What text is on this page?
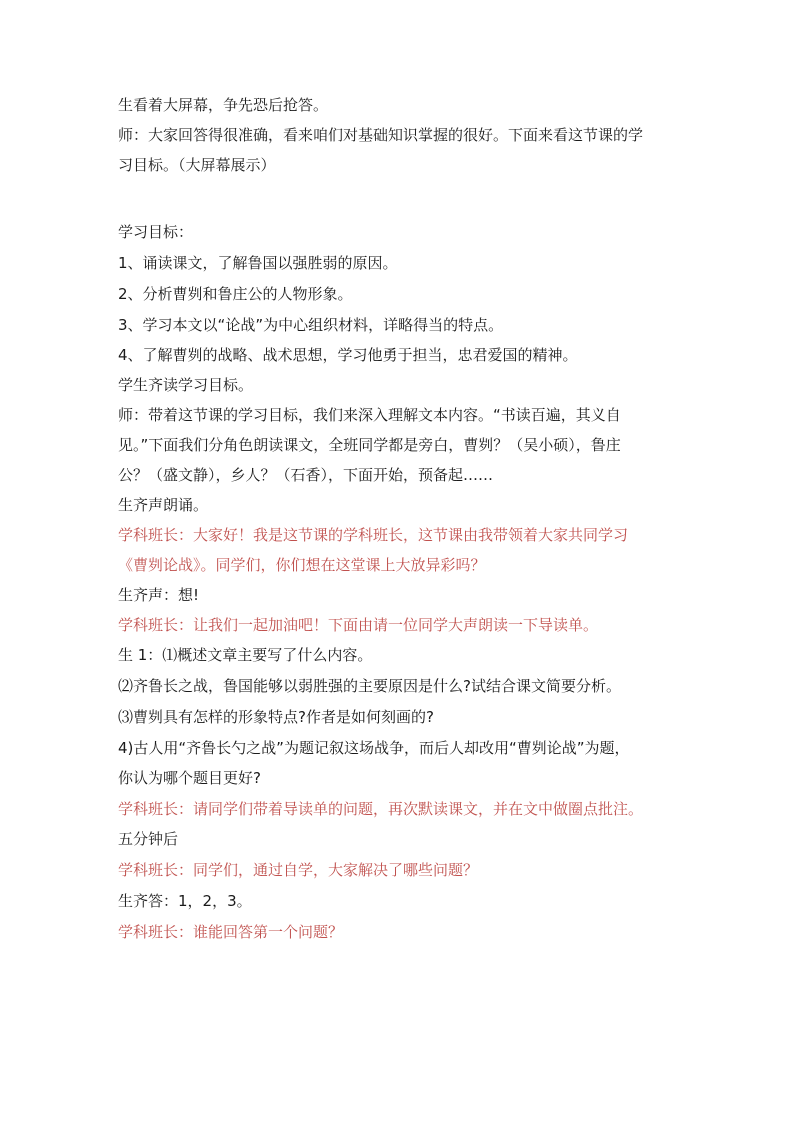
生看着大屏幕，争先恐后抢答。

师：大家回答得很准确，看来咱们对基础知识掌握的很好。下面来看这节课的学

习目标。（大屏幕展示）

学习目标：

1、诵读课文，了解鲁国以强胜弱的原因。

2、分析曹刿和鲁庄公的人物形象。

3、学习本文以“论战”为中心组织材料，详略得当的特点。

4、了解曹刿的战略、战术思想，学习他勇于担当，忠君爱国的精神。

学生齐读学习目标。

师：带着这节课的学习目标，我们来深入理解文本内容。“书读百遍，其义自

见。”下面我们分角色朗读课文，全班同学都是旁白，曹刿？（吴小硕），鲁庄

公？（盛文静），乡人？（石香），下面开始，预备起……

生齐声朗诵。

学科班长：大家好！我是这节课的学科班长，这节课由我带领着大家共同学习

《曹刿论战》。同学们，你们想在这堂课上大放异彩吗？

生齐声：想!

学科班长：让我们一起加油吧！下面由请一位同学大声朗读一下导读单。

生 1：⑴概述文章主要写了什么内容。

⑵齐鲁长之战，鲁国能够以弱胜强的主要原因是什么?试结合课文简要分析。

⑶曹刿具有怎样的形象特点?作者是如何刻画的?

4)古人用“齐鲁长勺之战”为题记叙这场战争，而后人却改用“曹刿论战”为题，

你认为哪个题目更好?

学科班长：请同学们带着导读单的问题，再次默读课文，并在文中做圈点批注。

五分钟后

学科班长：同学们，通过自学，大家解决了哪些问题？

生齐答：1，2，3。

学科班长：谁能回答第一个问题？
